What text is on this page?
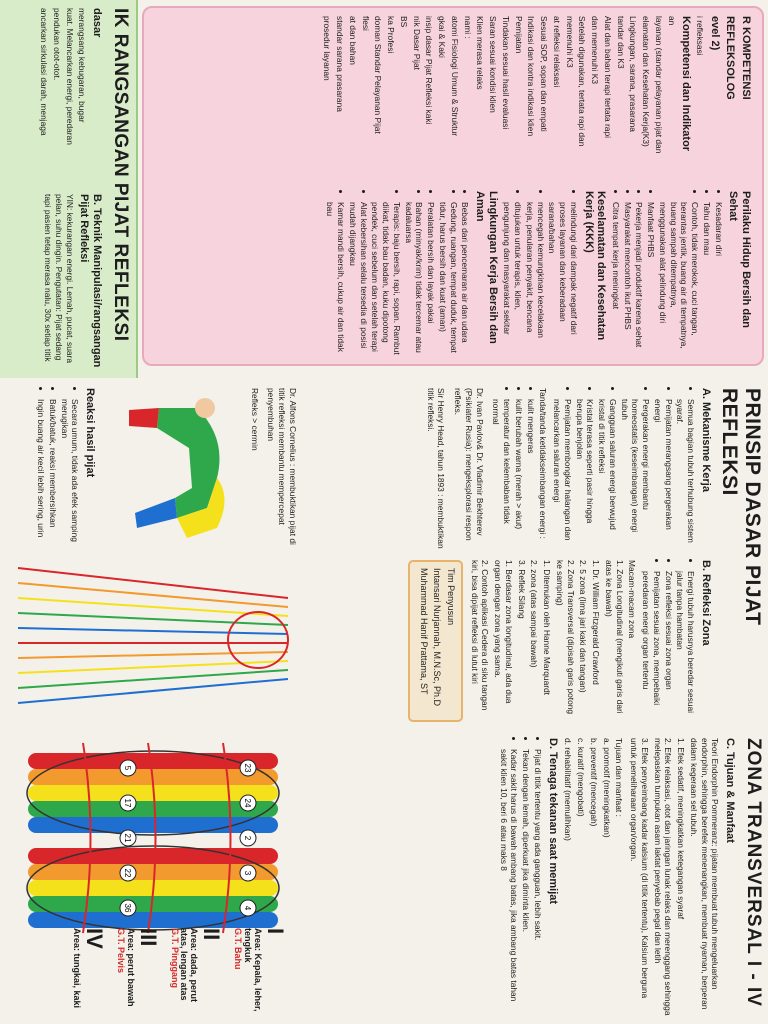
R KOMPETENSI
REFLEKSOLOG
evel 2)
i refleksasi
Kompetensi dan Indikator
an
layanan (standar pelayanan pijat dan
elamatan dan Kesehatan Kerja(K3)
Lingkungan, sarana, prasarana
tandar dan K3
Alat dan bahan terapi tertata rapi
dan memenuhi K3
Setelah digunakan, tertata rapi dan
memenuhi K3
at refleksi relaksasi
Sesuai SOP, sopan dan empati
Indikasi dan kontra indikasi klien
Pemijatan
Tindakan sesuai hasil evaluasi
Saran sesuai kondisi klien
Klien merasa relaks
nami :
atomi Fisiologi Umum & Struktur
gkai & Kaki
insip dasar Pijat Refleksi kaki
nik Dasar Pijat
BS
ka Profesi
doman Standar Pelayanan Pijat
flesi
at dan bahan
standar sarana prasarana
prosedur layanan
Perilaku Hidup Bersih dan Sehat
• Kesadaran diri
• Tahu dan mau
• Contoh, tidak merokok, cuci tangan, berantas jentik, buang air di tempatnya, buang sampah ditempatnya, menggunakan alat pelindung diri
• Manfaat PHBS
• Pekerja menjadi produktif karena sehat
• Masyarakat mencontoh ikut PHBS
• Citra tempat kerja meningkat
Keselamatan dan Kesehatan Kerja (KKK)
• melindungi dari dampak negatif dari proses layanan dan keberadaan sarana/bahan
• mencegah kemungkinan kecelakaan kerja, penularan penyakit, bencana
• ditujukan untuk terapis, klien, pengunjung dan masyarakat sekitar
Lingkungan Kerja Bersih dan Aman
• Bebas dari pencemaran air dan udara
• Gedung, ruangan, tempat duduk, tempat tidur, harus bersih dan kuat (aman)
• Peralatan bersih dan layak pakai
• Bahan (minyak/krim) tidak tercemar atau kadaluarsa
• Terapis: baju bersih, rapi, sopan. Rambut diikat, tidak bau badan, kuku dipotong pendek, cuci sebelum dan setelah terapi
• Alat kebersihan selalu tersedia di posisi mudah dijangkau
• Kamar mandi bersih, cukup air dan tidak bau
IK RANGSANGAN PIJAT REFLEKSI
dasar
merangsang kebugaran, bugar
kuat. Melancarkan energi, peredaran
pendukan otot-otot.
ancarkan sirkulasi darah, menjaga
B. Teknik Manipulasi/rangsangan Pijat Refleksi
YIN: kekurangan energi. Lemah, pucat, suara pelan, suhu dingin. Pengutatan: Pijat sedang tapi pasien tetap merasa nalu, 30x setiap titik
PRINSIP DASAR PIJAT REFLEKSI
A. Mekanisme Kerja
• Semua bagian tubuh terhubung sistem syaraf.
• Pemijatan merangsang pergerakan energi
• Pergerakan energi membantu homeostatis (keseimbangan) energi tubuh
• Gangguan saluran energi berwujud kristal di titik refleksi
• Kristal terasa seperti pasir hingga berupa benjolan
• Pemijatan membongkar halangan dan melancarkan saluran energi
Tanda/tanda ketidakseimbangan energi :
• kulit mengeras
• kulit berubah warna (merah > akut)
• temperatur dan kelembaban tidak normal
Dr. Ivan Pavlov& Dr. Vladimir Bekhterev (Psikiater Rusia): mengeksplorasi respon refleks.
Sir Henry Head, tahun 1893 : membuktikan titik refleksi.
B. Refleksi Zona
• Energi tubuh harusnya beredar sesuai jalur tanpa hambatan
• Zona refleksi sesuai zona organ
• Pemijatan sesuai zona, mempebaiki peredaran energi organ tertentu
Macam-macam zona
1. Zona Longitudinal (mengikuti garis dari atas ke bawah)
1. Dr. William Fitzgerald Crawford
2. 5 zona (lima jari kaki dan tangan)
2. Zona Transversal (dipisah garis potong ke samping)
1. Ditemukan oleh Hanne Marquardt
2. zona (atas sampai bawah)
3. Reflek Silang
1. Berdasar zona longitudinal, ada dua organ dengan zona yang sama.
2. Contoh aplikasi Cedera di siku tangan kiri, bisa dipijat refleksi di lutut kiri
Tim Penyusun
Intansari Nurjannah, M.N.Sc, Ph.D
Muhammad Hanif Prattama, ST
Dr. Alfons Cornelius : membuktikan pijat di titik refleksi membantu mempercepat penyembuhan
Refleks > cermin
Reaksi hasil pijat
• Secara umum, tidak ada efek samping merugikan
• Batuk/batuk, reaksi membersihkan
• Ingin buang air kecil lebih sering, urin
ZONA TRANSVERSAL I - IV
C. Tujuan & Manfaat
Teori Endorphin Pommeranz: pijatan membuat tubuh mengeluarkan endorphin, sehingga berefek menenangkan, membuat nyaman, berperan dalam kegeraan sel tubuh.
1. Efek sedatif, meningkatkan ketegangan syaraf
2. Efek relaksasi, otot dan jaringan lunak relaks dan merenggang sehingga melepaskan tumpukan asam laktat penyebab pegal dan letih
3. Efek penyeimbang kadar kalsium (di titik tertentu), Kalsium berguna untuk pemeliharaan organ/organ.
Tujuan dan manfaat :
a. promotif (meningkatkan)
b. preventif (mencegah)
c. kuratif (mengobati)
d. rehabilitatif (memulihkan)
D. Tenaga tekanan saat memijat
• Pijat di titik tertentu yang ada gangguan, lebih sakit.
• Tekan dengan lemah, diperkuat jika diminta klien.
• Kadar sakit harus di bawah ambang batas, jika ambang batas tahan sakit klien 10, beri 6 atau maks 8
23
24
2
3
4
5
17
21
22
36
I
Area: Kepala, leher, tengkuk
G.T. Bahu
II
Area: dada, perut atas, lengan atas
G.T. Pinggang
III
Area: perut bawah
G.T. Pelvis
IV
Area: tungkai, kaki
